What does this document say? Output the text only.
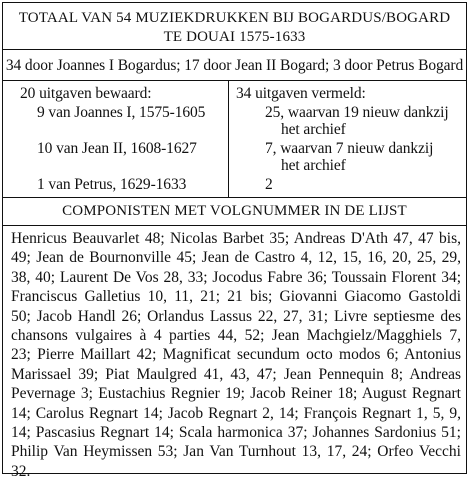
TOTAAL VAN 54 MUZIEKDRUKKEN BIJ BOGARDUS/BOGARD
TE DOUAI 1575-1633
34 door Joannes I Bogardus; 17 door Jean II Bogard; 3 door Petrus Bogard
20 uitgaven bewaard:
9 van Joannes I, 1575-1605
10 van Jean II, 1608-1627
1 van Petrus, 1629-1633
34 uitgaven vermeld:
25, waarvan 19 nieuw dankzij
het archief
7, waarvan 7 nieuw dankzij
het archief
2
COMPONISTEN MET VOLGNUMMER IN DE LIJST
Henricus Beauvarlet 48; Nicolas Barbet 35; Andreas D'Ath 47, 47 bis,
49; Jean de Bournonville 45; Jean de Castro 4, 12, 15, 16, 20, 25, 29,
38, 40; Laurent De Vos 28, 33; Jocodus Fabre 36; Toussain Florent 34;
Franciscus Galletius 10, 11, 21; 21 bis; Giovanni Giacomo Gastoldi
50; Jacob Handl 26; Orlandus Lassus 22, 27, 31; Livre septiesme des
chansons vulgaires à 4 parties 44, 52; Jean Machgielz/Magghiels 7,
23; Pierre Maillart 42; Magnificat secundum octo modos 6; Antonius
Marissael 39; Piat Maulgred 41, 43, 47; Jean Pennequin 8; Andreas
Pevernage 3; Eustachius Regnier 19; Jacob Reiner 18; August Regnart
14; Carolus Regnart 14; Jacob Regnart 2, 14; François Regnart 1, 5, 9,
14; Pascasius Regnart 14; Scala harmonica 37; Johannes Sardonius 51;
Philip Van Heymissen 53; Jan Van Turnhout 13, 17, 24; Orfeo Vecchi
32.
